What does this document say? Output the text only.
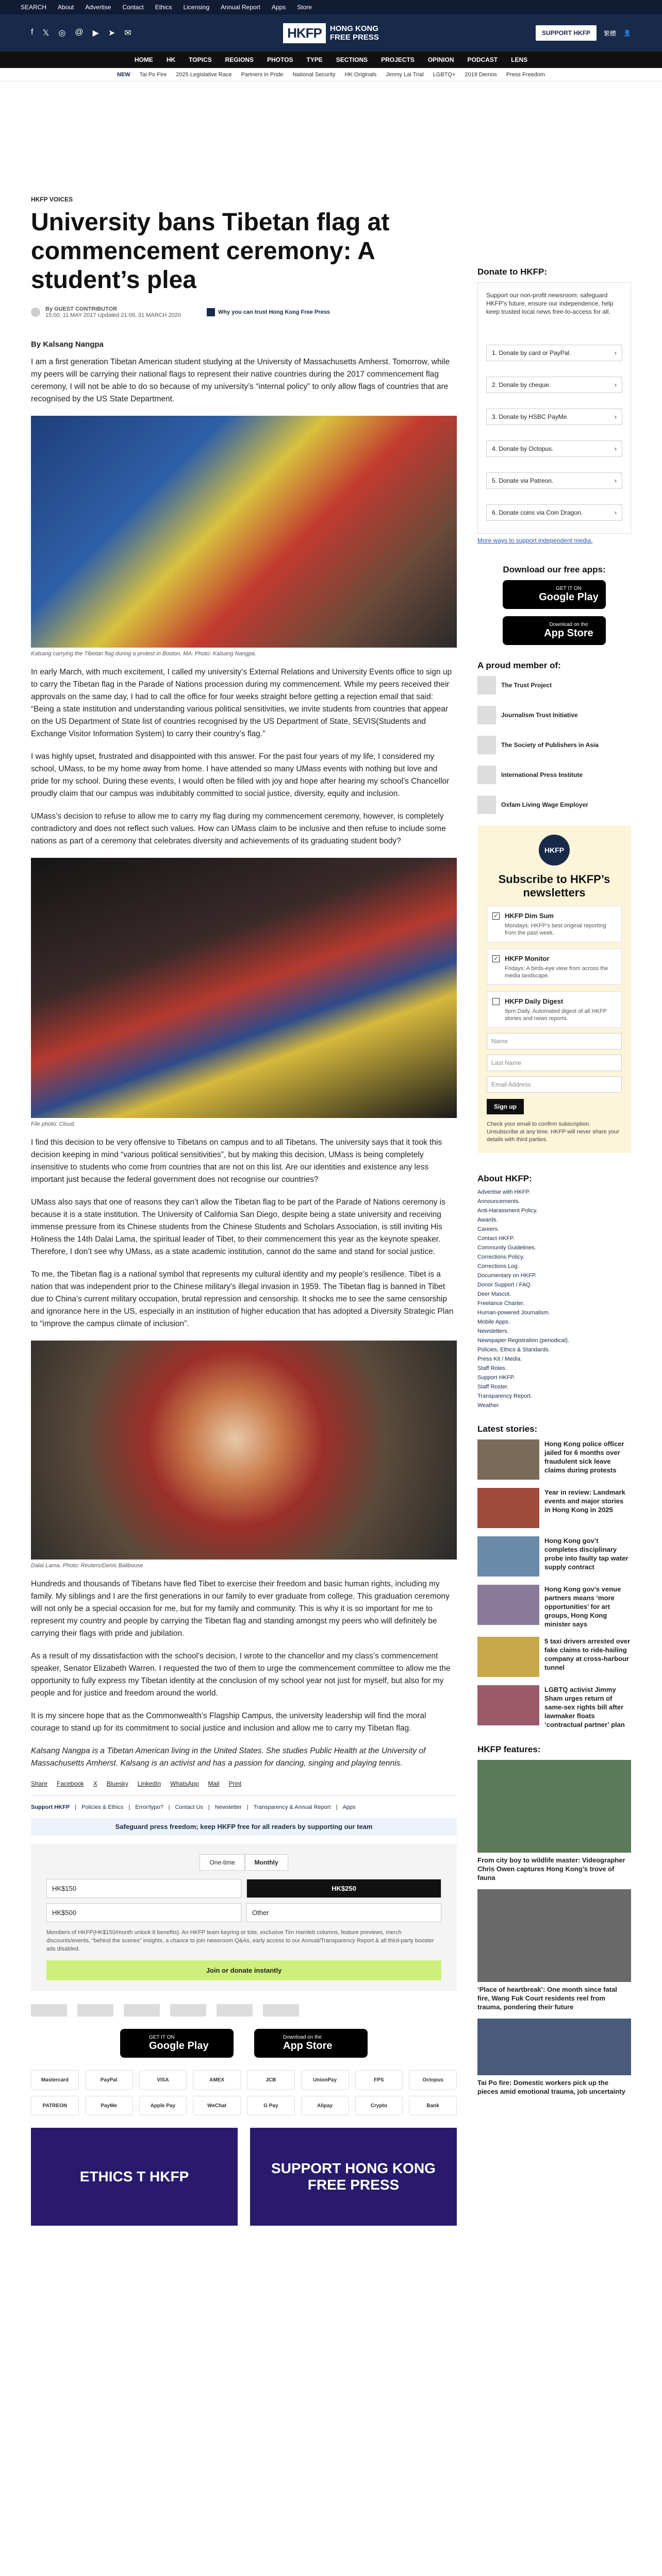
SEARCH About Advertise Contact Ethics Licensing Annual Report Apps Store
f 𝕏 ◎ @ ▶ ➤ ✉	HKFP	HONG KONG
FREE PRESS	SUPPORT HKFP	繁體 👤
HOME HK TOPICS REGIONS PHOTOS TYPE SECTIONS PROJECTS OPINION PODCAST LENS
NEW Tai Po Fire 2025 Legislative Race Partners in Pride National Security HK Originals Jimmy Lai Trial LGBTQ+ 2019 Demos Press Freedom
HKFP VOICES
University bans Tibetan flag at commencement ceremony: A student’s plea
By GUEST CONTRIBUTOR
15:00, 11 MAY 2017 Updated 21:09, 31 MARCH 2020	Why you can trust Hong Kong Free Press
By Kalsang Nangpa

I am a first generation Tibetan American student studying at the University of Massachusetts Amherst. Tomorrow, while my peers will be carrying their national flags to represent their native countries during the 2017 commencement flag ceremony, I will not be able to do so because of my university’s “internal policy” to only allow flags of countries that are recognised by the US State Department.

Kalsang carrying the Tibetan flag during a protest in Boston, MA. Photo: Kalsang Nangpa.

In early March, with much excitement, I called my university’s External Relations and University Events office to sign up to carry the Tibetan flag in the Parade of Nations procession during my commencement. While my peers received their approvals on the same day, I had to call the office for four weeks straight before getting a rejection email that said: “Being a state institution and understanding various political sensitivities, we invite students from countries that appear on the US Department of State list of countries recognised by the US Department of State, SEVIS(Students and Exchange Visitor Information System) to carry their country’s flag.”

I was highly upset, frustrated and disappointed with this answer. For the past four years of my life, I considered my school, UMass, to be my home away from home. I have attended so many UMass events with nothing but love and pride for my school. During these events, I would often be filled with joy and hope after hearing my school’s Chancellor proudly claim that our campus was indubitably committed to social justice, diversity, equity and inclusion.

UMass’s decision to refuse to allow me to carry my flag during my commencement ceremony, however, is completely contradictory and does not reflect such values. How can UMass claim to be inclusive and then refuse to include some nations as part of a ceremony that celebrates diversity and achievements of its graduating student body?

File photo: Cloud.

I find this decision to be very offensive to Tibetans on campus and to all Tibetans. The university says that it took this decision keeping in mind “various political sensitivities”, but by making this decision, UMass is being completely insensitive to students who come from countries that are not on this list. Are our identities and existence any less important just because the federal government does not recognise our countries?

UMass also says that one of reasons they can’t allow the Tibetan flag to be part of the Parade of Nations ceremony is because it is a state institution. The University of California San Diego, despite being a state university and receiving immense pressure from its Chinese students from the Chinese Students and Scholars Association, is still inviting His Holiness the 14th Dalai Lama, the spiritual leader of Tibet, to their commencement this year as the keynote speaker. Therefore, I don’t see why UMass, as a state academic institution, cannot do the same and stand for social justice.

To me, the Tibetan flag is a national symbol that represents my cultural identity and my people’s resilience. Tibet is a nation that was independent prior to the Chinese military’s illegal invasion in 1959. The Tibetan flag is banned in Tibet due to China’s current military occupation, brutal repression and censorship. It shocks me to see the same censorship and ignorance here in the US, especially in an institution of higher education that has adopted a Diversity Strategic Plan to “improve the campus climate of inclusion”.

Dalai Lama. Photo: Reuters/Denis Balibouse

Hundreds and thousands of Tibetans have fled Tibet to exercise their freedom and basic human rights, including my family. My siblings and I are the first generations in our family to ever graduate from college. This graduation ceremony will not only be a special occasion for me, but for my family and community. This is why it is so important for me to represent my country and people by carrying the Tibetan flag and standing amongst my peers who will definitely be carrying their flags with pride and jubilation.

As a result of my dissatisfaction with the school’s decision, I wrote to the chancellor and my class’s commencement speaker, Senator Elizabeth Warren. I requested the two of them to urge the commencement committee to allow me the opportunity to fully express my Tibetan identity at the conclusion of my school year not just for myself, but also for my people and for justice and freedom around the world.

It is my sincere hope that as the Commonwealth’s Flagship Campus, the university leadership will find the moral courage to stand up for its commitment to social justice and inclusion and allow me to carry my Tibetan flag.

Kalsang Nangpa is a Tibetan American living in the United States. She studies Public Health at the University of Massachusetts Amherst. Kalsang is an activist and has a passion for dancing, singing and playing tennis.

Share Facebook X Bluesky LinkedIn WhatsApp Mail Print
Support HKFP | Policies & Ethics | Error/typo? | Contact Us | Newsletter | Transparency & Annual Report | Apps
Safeguard press freedom; keep HKFP free for all readers by supporting our team
One-time	Monthly
HK$150	HK$250
HK$500	Other
Members of HKFP(HK$150/month unlock 8 benefits). An HKFP team keyring or tote, exclusive Tim Hamlett columns, feature previews, merch discounts/events, “behind the scenes” insights, a chance to join newsroom Q&As, early access to our Annual/Transparency Report & all third-party booster ads disabled.
Join or donate instantly
GET IT ON
Google Play
Download on the
App Store
Mastercard	PayPal	VISA	AMEX	JCB	UnionPay	FPS	Octopus
PATREON	PayMe	Apple Pay	WeChat	G Pay	Alipay	Crypto	Bank
ETHICS T HKFP
SUPPORT HONG KONG FREE PRESS
Donate to HKFP:
Support our non-profit newsroom: safeguard HKFP’s future, ensure our independence, help keep trusted local news free-to-access for all.
1. Donate by card or PayPal.	›
2. Donate by cheque.	›
3. Donate by HSBC PayMe.	›
4. Donate by Octopus.	›
5. Donate via Patreon.	›
6. Donate coins via Coin Dragon.	›
More ways to support independent media.
Download our free apps:
GET IT ON
Google Play
Download on the
App Store
A proud member of:
The Trust Project
Journalism Trust Initiative
The Society of Publishers in Asia
International Press Institute
Oxfam Living Wage Employer
HKFP
Subscribe to HKFP’s newsletters
✓ HKFP Dim Sum
Mondays: HKFP’s best original reporting from the past week.
✓ HKFP Monitor
Fridays: A birds-eye view from across the media landscape.
HKFP Daily Digest
9pm Daily. Automated digest of all HKFP stories and news reports.
Name
Last Name
Email Address
Sign up
Check your email to confirm subscription. Unsubscribe at any time. HKFP will never share your details with third parties.
About HKFP:
Advertise with HKFP.
Announcements.
Anti-Harassment Policy.
Awards.
Careers.
Contact HKFP.
Community Guidelines.
Corrections Policy.
Corrections Log.
Documentary on HKFP.
Donor Support / FAQ.
Deer Mascot.
Freelance Charter.
Human-powered Journalism.
Mobile Apps.
Newsletters.
Newspaper Registration (periodical).
Policies, Ethics & Standards.
Press Kit / Media.
Staff Roles.
Support HKFP.
Staff Roster.
Transparency Report.
Weather.
Latest stories:
Hong Kong police officer jailed for 6 months over fraudulent sick leave claims during protests
Year in review: Landmark events and major stories in Hong Kong in 2025
Hong Kong gov’t completes disciplinary probe into faulty tap water supply contract
Hong Kong gov’s venue partners means ‘more opportunities’ for art groups, Hong Kong minister says
5 taxi drivers arrested over fake claims to ride-hailing company at cross-harbour tunnel
LGBTQ activist Jimmy Sham urges return of same-sex rights bill after lawmaker floats ‘contractual partner’ plan
HKFP features:
From city boy to wildlife master: Videographer Chris Owen captures Hong Kong’s trove of fauna
‘Place of heartbreak’: One month since fatal fire, Wang Fuk Court residents reel from trauma, pondering their future
Tai Po fire: Domestic workers pick up the pieces amid emotional trauma, job uncertainty
